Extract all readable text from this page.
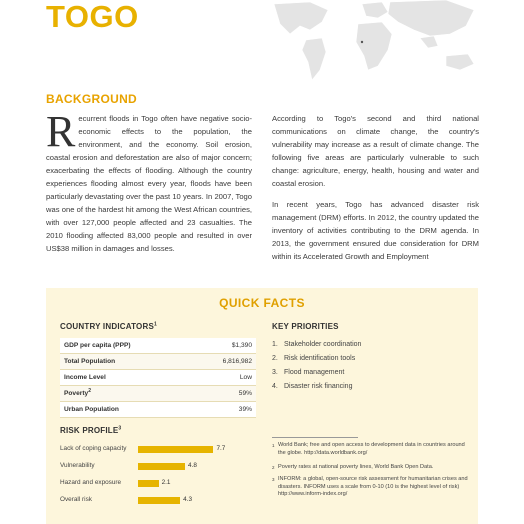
TOGO
BACKGROUND

Recurrent floods in Togo often have negative socio-economic effects to the population, the environment, and the economy. Soil erosion, coastal erosion and deforestation are also of major concern; exacerbating the effects of flooding. Although the country experiences flooding almost every year, floods have been particularly devastating over the past 10 years. In 2007, Togo was one of the hardest hit among the West African countries, with over 127,000 people affected and 23 casualties. The 2010 flooding affected 83,000 people and resulted in over US$38 million in damages and losses.

According to Togo's second and third national communications on climate change, the country's vulnerability may increase as a result of climate change. The following five areas are particularly vulnerable to such change: agriculture, energy, health, housing and water and coastal erosion.

In recent years, Togo has advanced disaster risk management (DRM) efforts. In 2012, the country updated the inventory of activities contributing to the DRM agenda. In 2013, the government ensured due consideration for DRM within its Accelerated Growth and Employment

QUICK FACTS
COUNTRY INDICATORS$^1$
GDP per capita (PPP)	$1,390
Total Population	6,816,982
Income Level	Low
Poverty$^2$	59%
Urban Population	39%
KEY PRIORITIES
1. Stakeholder coordination
2. Risk identification tools
3. Flood management
4. Disaster risk financing
RISK PROFILE$^3$
Lack of coping capacity	7.7
Vulnerability	4.8
Hazard and exposure	2.1
Overall risk	4.3
1 World Bank; free and open access to development data in countries around the globe. http://data.worldbank.org/
2 Poverty rates at national poverty lines, World Bank Open Data.
3 INFORM: a global, open-source risk assessment for humanitarian crises and disasters. INFORM uses a scale from 0-10 (10 is the highest level of risk) http://www.inform-index.org/
